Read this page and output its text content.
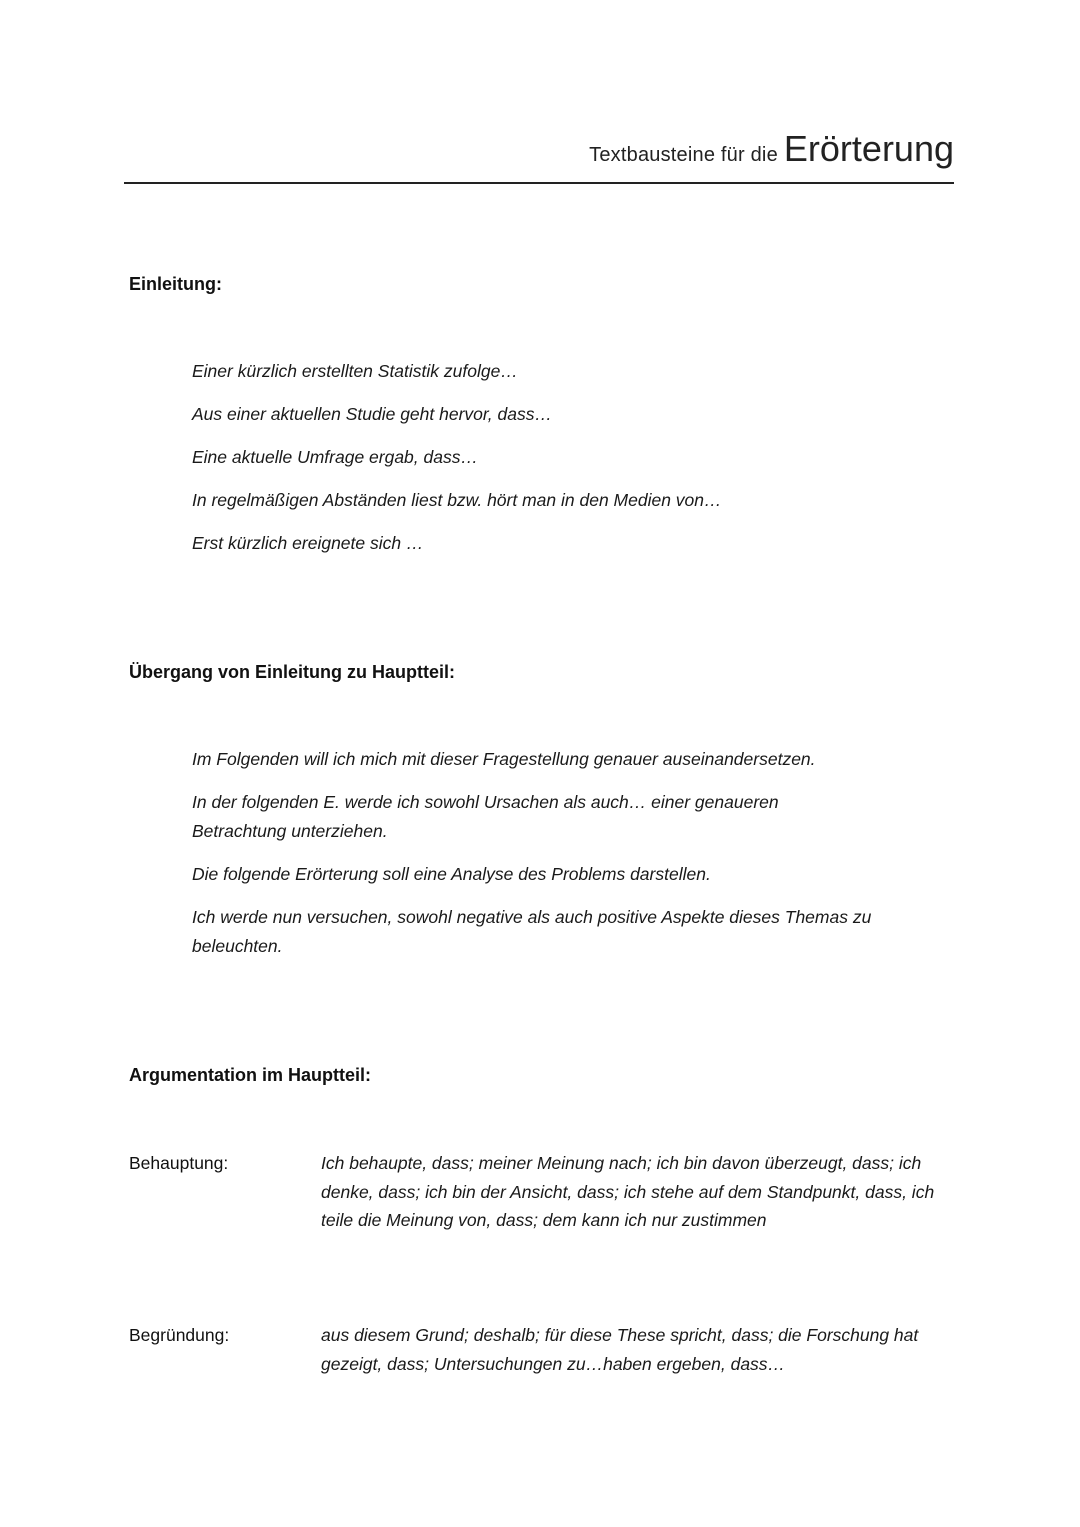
Textbausteine für die Erörterung
Einleitung:
Einer kürzlich erstellten Statistik zufolge…
Aus einer aktuellen Studie geht hervor, dass…
Eine aktuelle Umfrage ergab, dass…
In regelmäßigen Abständen liest bzw. hört man in den Medien von…
Erst kürzlich ereignete sich …
Übergang von Einleitung zu Hauptteil:
Im Folgenden will ich mich mit dieser Fragestellung genauer auseinandersetzen.
In der folgenden E. werde ich sowohl Ursachen als auch… einer genaueren Betrachtung unterziehen.
Die folgende Erörterung soll eine Analyse des Problems darstellen.
Ich werde nun versuchen, sowohl negative als auch positive Aspekte dieses Themas zu beleuchten.
Argumentation im Hauptteil:
Behauptung:	Ich behaupte, dass; meiner Meinung nach; ich bin davon überzeugt, dass; ich denke, dass; ich bin der Ansicht, dass; ich stehe auf dem Standpunkt, dass, ich teile die Meinung von, dass; dem kann ich nur zustimmen
Begründung:	aus diesem Grund; deshalb; für diese These spricht, dass; die Forschung hat gezeigt, dass; Untersuchungen zu…haben ergeben, dass…
